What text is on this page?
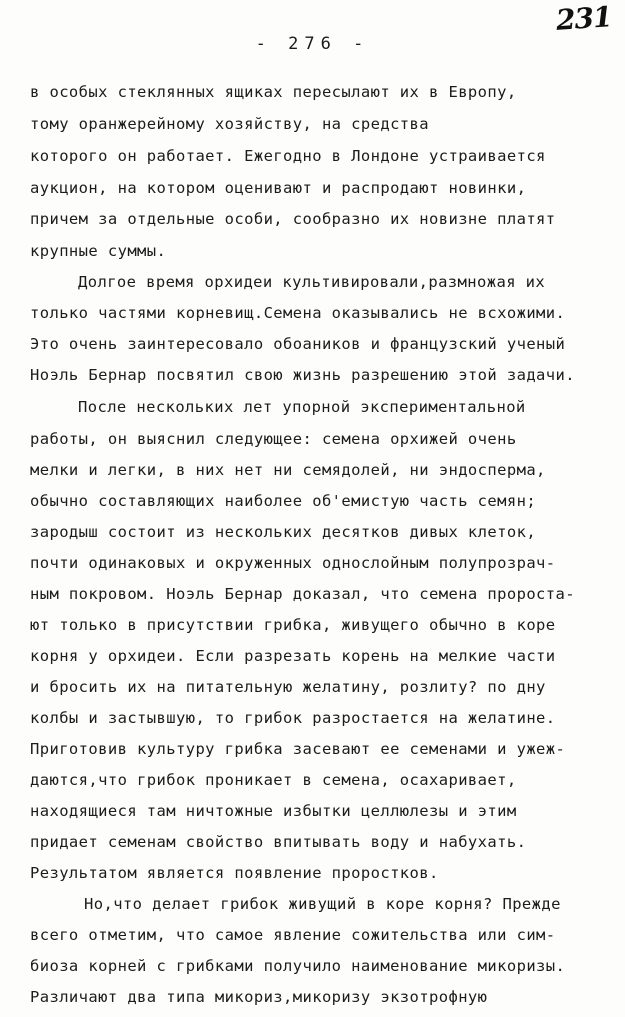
231
- 276 -
в особых стеклянных ящиках пересылают их в Европу,
тому оранжерейному хозяйству, на средства
которого он работает. Ежегодно в Лондоне устраивается
аукцион, на котором оценивают и распродают новинки,
причем за отдельные особи, сообразно их новизне платят
крупные суммы.
Долгое время орхидеи культивировали,размножая их
только частями корневищ.Семена оказывались не всхожими.
Это очень заинтересовало обоаников и французский ученый
Ноэль Бернар посвятил свою жизнь разрешению этой задачи.
После нескольких лет упорной экспериментальной
работы, он выяснил следующее: семена орхижей очень
мелки и легки, в них нет ни семядолей, ни эндосперма,
обычно составляющих наиболее об'емистую часть семян;
зародыш состоит из нескольких десятков дивых клеток,
почти одинаковых и окруженных однослойным полупрозрач-
ным покровом. Ноэль Бернар доказал, что семена пророста-
ют только в присутствии грибка, живущего обычно в коре
корня у орхидеи. Если разрезать корень на мелкие части
и бросить их на питательную желатину, розлиту? по дну
колбы и застывшую, то грибок разростается на желатине.
Приготовив культуру грибка засевают ее семенами и ужеж-
даются,что грибок проникает в семена, осахаривает,
находящиеся там ничтожные избытки целлюлезы и этим
придает семенам свойство впитывать воду и набухать.
Результатом является появление проростков.
Но,что делает грибок живущий в коре корня? Прежде
всего отметим, что самое явление сожительства или сим-
биоза корней с грибками получило наименование микоризы.
Различают два типа микориз,микоризу экзотрофную
